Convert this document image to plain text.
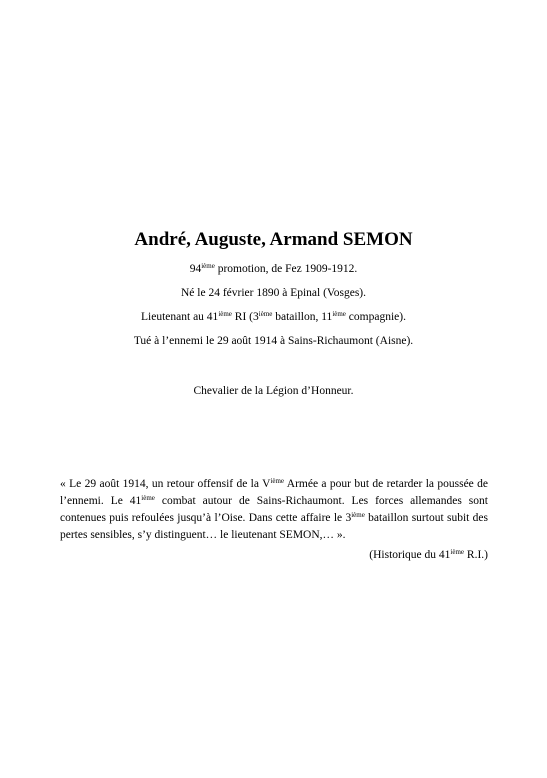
André, Auguste, Armand SEMON
94ième promotion, de Fez 1909-1912.
Né le 24 février 1890 à Epinal (Vosges).
Lieutenant au 41ième RI (3ième bataillon, 11ième compagnie).
Tué à l’ennemi le 29 août 1914 à Sains-Richaumont (Aisne).
Chevalier de la Légion d’Honneur.
« Le 29 août 1914, un retour offensif de la Vième Armée a pour but de retarder la poussée de
l’ennemi. Le 41ième combat autour de Sains-Richaumont. Les forces allemandes sont
contenues puis refoulées jusqu’à l’Oise. Dans cette affaire le 3ième bataillon surtout subit des
pertes sensibles, s’y distinguent… le lieutenant SEMON,… ».
(Historique du 41ième R.I.)
